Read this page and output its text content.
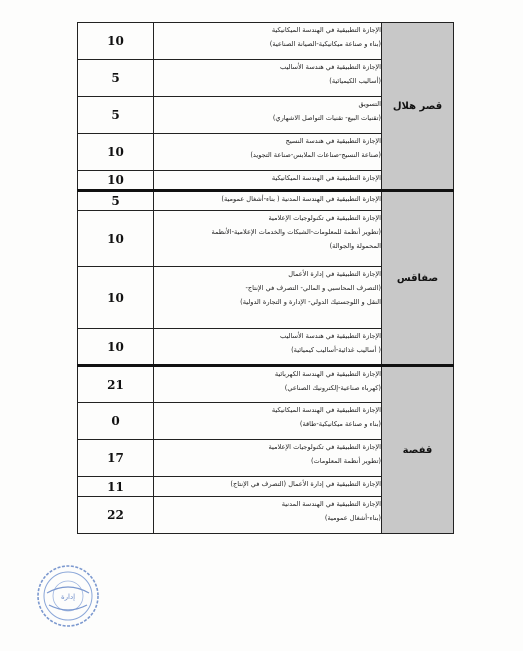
10	الإجازة التطبيقية في الهندسة الميكانيكية
(بناء و صناعة ميكانيكية-الصيانة الصناعية)	قصر هلال
5	الإجازة التطبيقية في هندسة الأساليب
(أساليب الكيميائية)	

5	التسويق
(تقنيات البيع- تقنيات التواصل الاشهاري)	

10	الإجازة التطبيقية في هندسة النسيج
(صناعة النسيج-صناعات الملابس-صناعة التجويد)	

10	الإجازة التطبيقية في الهندسة الميكانيكية	

5	الإجازة التطبيقية في الهندسة المدنية ( بناء-أشغال عمومية)	صفاقس
10	الإجازة التطبيقية في تكنولوجيات الإعلامية
(تطوير أنظمة للمعلومات-الشبكات والخدمات الإعلامية-الأنظمة
المحمولة والجوالة)	

10	الإجازة التطبيقية في إدارة الأعمال
(التصرف المحاسبي و المالي- التصرف في الإنتاج-
النقل و اللوجستيك الدولي- الإدارة و التجارة الدولية)	

10	الإجازة التطبيقية في هندسة الأساليب
( أساليب غذائية-أساليب كيميائية)	

21	الإجازة التطبيقية في الهندسة الكهربائية
(كهرباء صناعية-إلكترونيك الصناعي)	قفصة
0	الإجازة التطبيقية في الهندسة الميكانيكية
(بناء و صناعة ميكانيكية-طاقة)	

17	الإجازة التطبيقية في تكنولوجيات الإعلامية
(تطوير أنظمة المعلومات)	

11	الإجازة التطبيقية في إدارة الأعمال (التصرف في الإنتاج)	

22	الإجازة التطبيقية في الهندسة المدنية
(بناء-أشغال عمومية)	
إدارة
